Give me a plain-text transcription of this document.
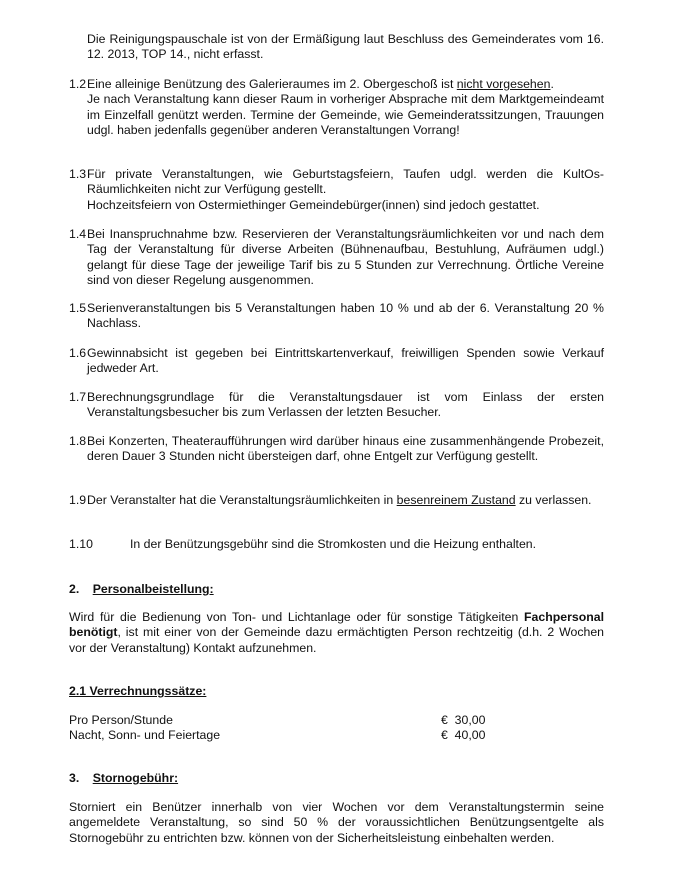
Die Reinigungspauschale ist von der Ermäßigung laut Beschluss des Gemeinderates vom 16. 12. 2013, TOP 14., nicht erfasst.
1.2 Eine alleinige Benützung des Galerieraumes im 2. Obergeschoß ist nicht vorgesehen.
Je nach Veranstaltung kann dieser Raum in vorheriger Absprache mit dem Marktgemeindeamt im Einzelfall genützt werden. Termine der Gemeinde, wie Gemeinderatssitzungen, Trauungen udgl. haben jedenfalls gegenüber anderen Veranstaltungen Vorrang!
1.3 Für private Veranstaltungen, wie Geburtstagsfeiern, Taufen udgl. werden die KultOs-Räumlichkeiten nicht zur Verfügung gestellt.
Hochzeitsfeiern von Ostermiethinger Gemeindebürger(innen) sind jedoch gestattet.
1.4 Bei Inanspruchnahme bzw. Reservieren der Veranstaltungsräumlichkeiten vor und nach dem Tag der Veranstaltung für diverse Arbeiten (Bühnenaufbau, Bestuhlung, Aufräumen udgl.) gelangt für diese Tage der jeweilige Tarif bis zu 5 Stunden zur Verrechnung. Örtliche Vereine sind von dieser Regelung ausgenommen.
1.5 Serienveranstaltungen bis 5 Veranstaltungen haben 10 % und ab der 6. Veranstaltung 20 % Nachlass.
1.6 Gewinnabsicht ist gegeben bei Eintrittskartenverkauf, freiwilligen Spenden sowie Verkauf jedweder Art.
1.7 Berechnungsgrundlage für die Veranstaltungsdauer ist vom Einlass der ersten Veranstaltungsbesucher bis zum Verlassen der letzten Besucher.
1.8 Bei Konzerten, Theateraufführungen wird darüber hinaus eine zusammenhängende Probezeit, deren Dauer 3 Stunden nicht übersteigen darf, ohne Entgelt zur Verfügung gestellt.
1.9 Der Veranstalter hat die Veranstaltungsräumlichkeiten in besenreinem Zustand zu verlassen.
1.10	In der Benützungsgebühr sind die Stromkosten und die Heizung enthalten.
2. Personalbeistellung:
Wird für die Bedienung von Ton- und Lichtanlage oder für sonstige Tätigkeiten Fachpersonal benötigt, ist mit einer von der Gemeinde dazu ermächtigten Person rechtzeitig (d.h. 2 Wochen vor der Veranstaltung) Kontakt aufzunehmen.
2.1 Verrechnungssätze:
Pro Person/Stunde	€  30,00
Nacht, Sonn- und Feiertage	€  40,00
3. Stornogebühr:
Storniert ein Benützer innerhalb von vier Wochen vor dem Veranstaltungstermin seine angemeldete Veranstaltung, so sind 50 % der voraussichtlichen Benützungsentgelte als Stornogebühr zu entrichten bzw. können von der Sicherheitsleistung einbehalten werden.
